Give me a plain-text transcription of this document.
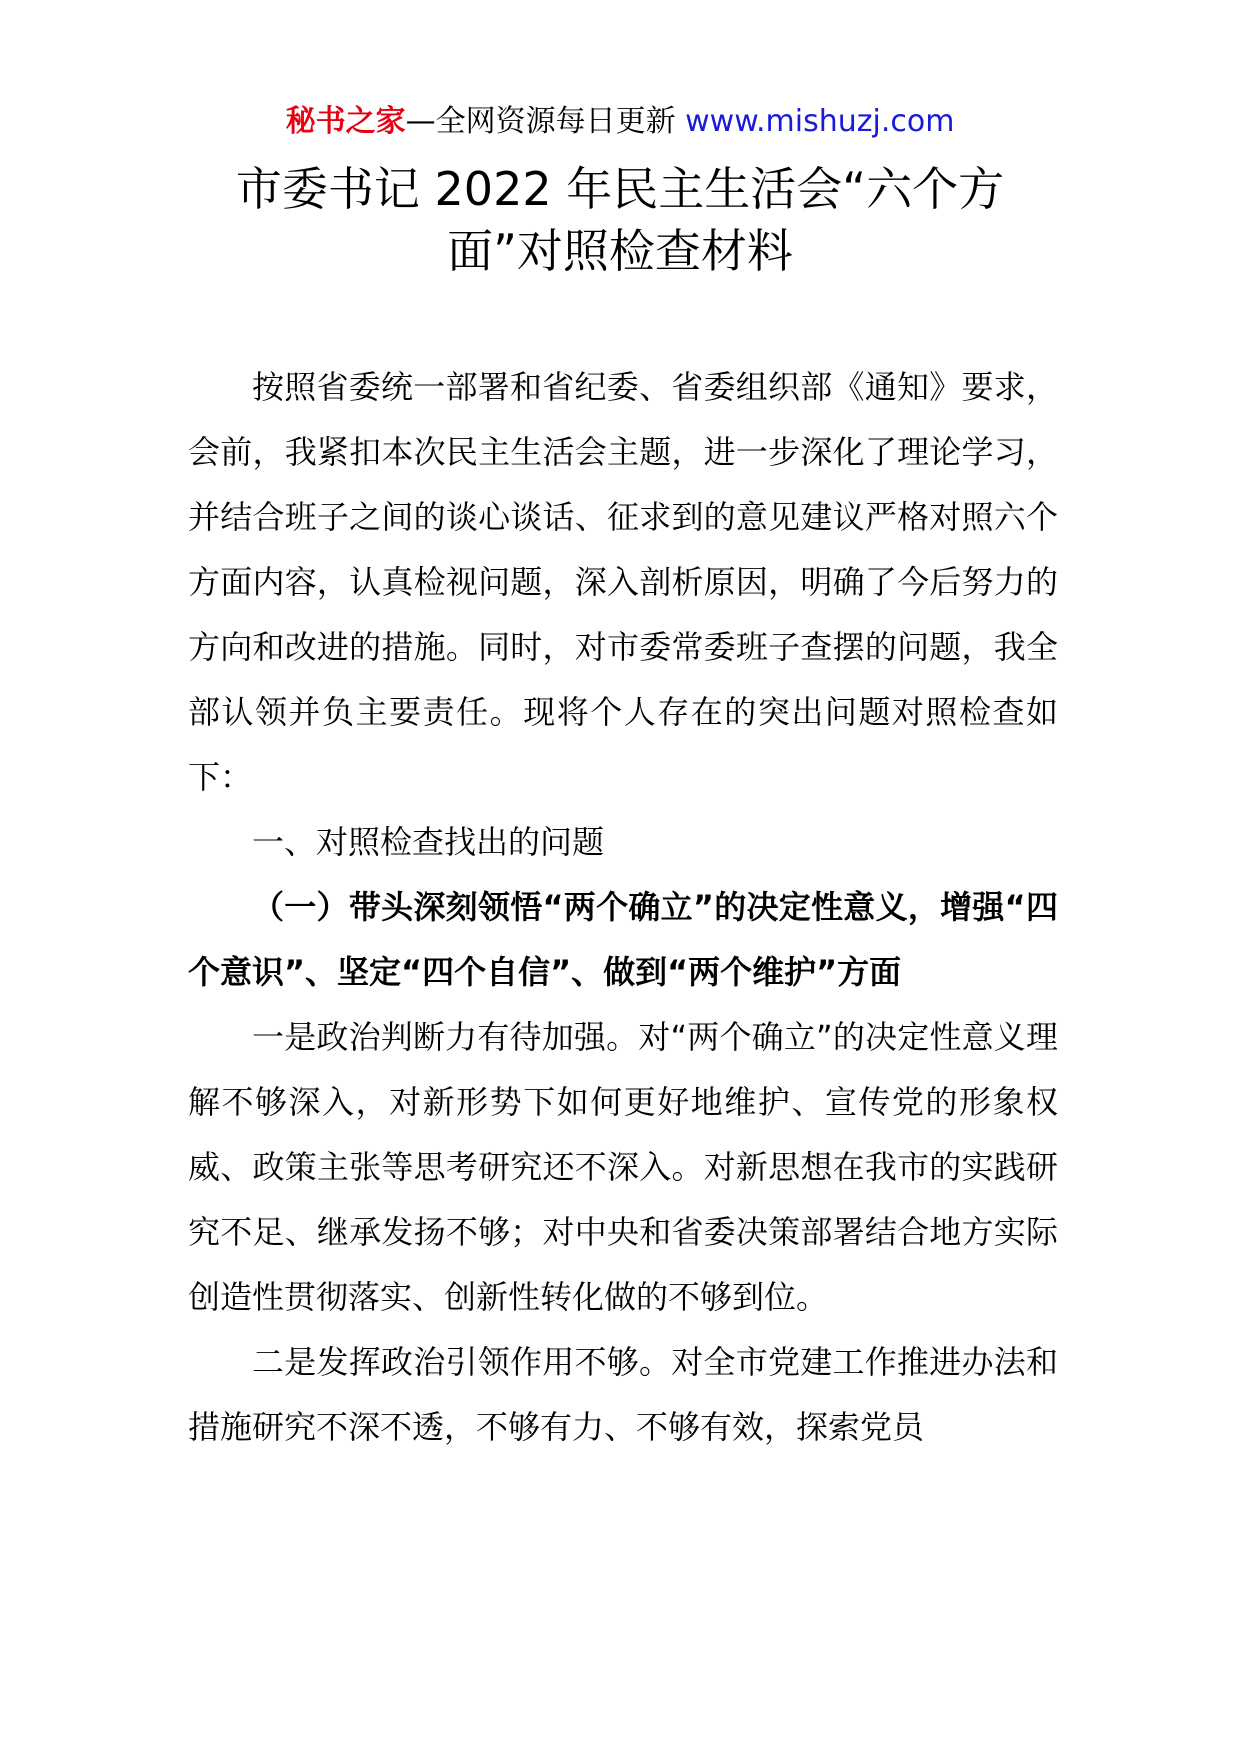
秘书之家—全网资源每日更新 www.mishuzj.com
市委书记 2022 年民主生活会“六个方
面”对照检查材料

按照省委统一部署和省纪委、省委组织部《通知》要求，会前，我紧扣本次民主生活会主题，进一步深化了理论学习，并结合班子之间的谈心谈话、征求到的意见建议严格对照六个方面内容，认真检视问题，深入剖析原因，明确了今后努力的方向和改进的措施。同时，对市委常委班子查摆的问题，我全部认领并负主要责任。现将个人存在的突出问题对照检查如下：

一、对照检查找出的问题

（一）带头深刻领悟“两个确立”的决定性意义，增强“四个意识”、坚定“四个自信”、做到“两个维护”方面

一是政治判断力有待加强。对“两个确立”的决定性意义理解不够深入，对新形势下如何更好地维护、宣传党的形象权威、政策主张等思考研究还不深入。对新思想在我市的实践研究不足、继承发扬不够；对中央和省委决策部署结合地方实际创造性贯彻落实、创新性转化做的不够到位。

二是发挥政治引领作用不够。对全市党建工作推进办法和措施研究不深不透，不够有力、不够有效，探索党员
